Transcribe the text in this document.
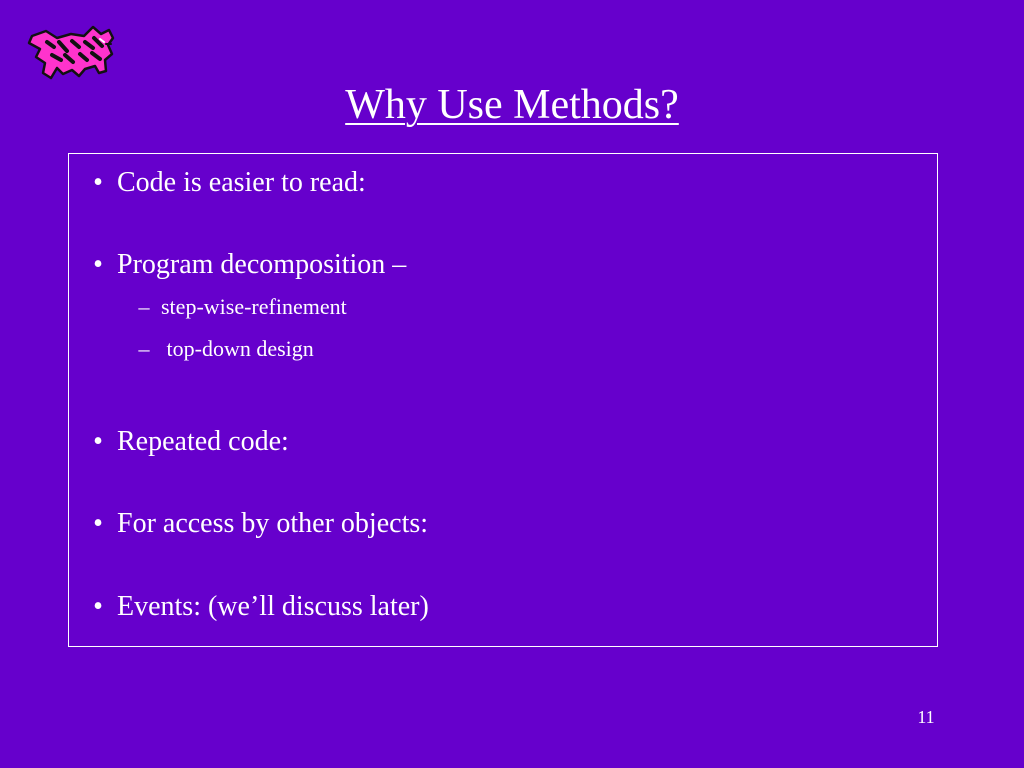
Why Use Methods?
• Code is easier to read:
• Program decomposition –
– step-wise-refinement
– top-down design
• Repeated code:
• For access by other objects:
• Events: (we’ll discuss later)
11
